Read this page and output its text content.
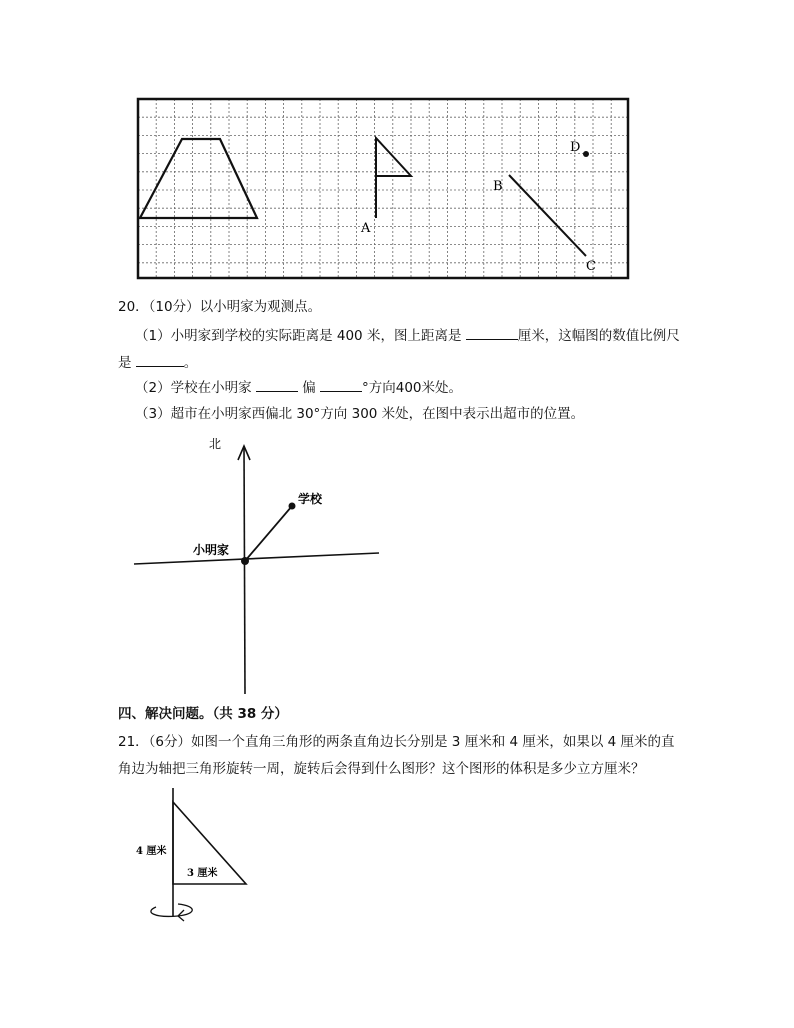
A
B
C
D
20．（10分）以小明家为观测点。
（1）小明家到学校的实际距离是 400 米，图上距离是	厘米，这幅图的数值比例尺
是	。
（2）学校在小明家	偏	°方向400米处。
（3）超市在小明家西偏北 30°方向 300 米处，在图中表示出超市的位置。
北
学校
小明家
四、解决问题。（共 38 分）
21．（6分）如图一个直角三角形的两条直角边长分别是 3 厘米和 4 厘米，如果以 4 厘米的直
角边为轴把三角形旋转一周，旋转后会得到什么图形？这个图形的体积是多少立方厘米？
4 厘米
3 厘米
